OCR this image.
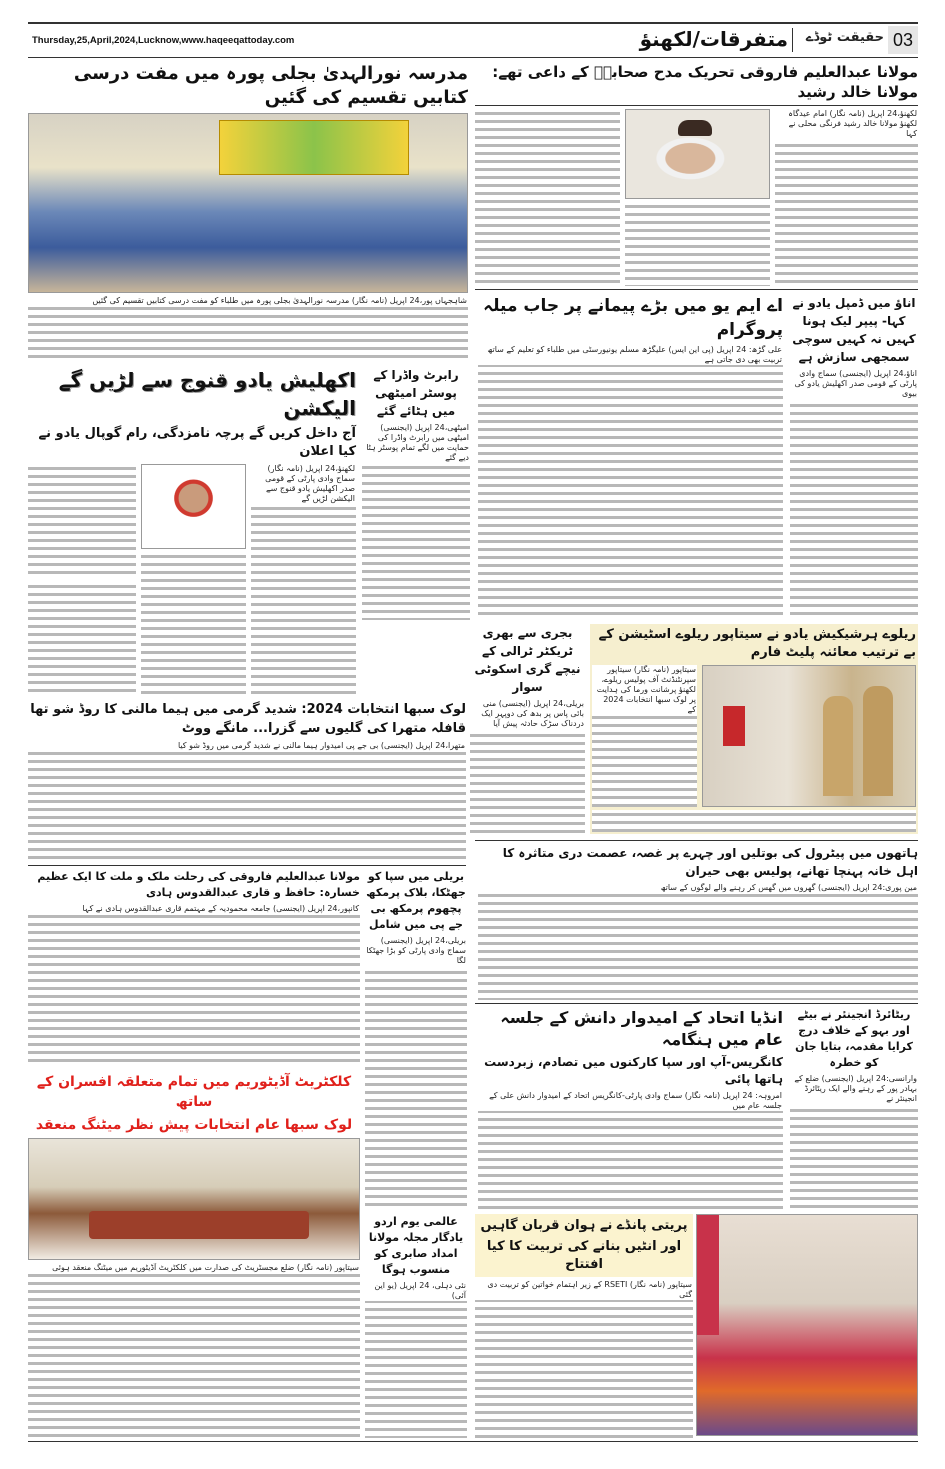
Thursday,25,April,2024,Lucknow,www.haqeeqattoday.com	03
حقیقت ٹوڈے
متفرقات/لکھنؤ
مدرسہ نورالہدیٰ بجلی پورہ میں مفت درسی کتابیں تقسیم کی گئیں
شاہجہاں پور،24 اپریل (نامہ نگار) مدرسہ نورالہدیٰ بجلی پورہ میں طلباء کو مفت درسی کتابیں تقسیم کی گئیں
مولانا عبدالعلیم فاروقی تحریک مدح صحابہؓ کے داعی تھے: مولانا خالد رشید
لکھنؤ،24 اپریل (نامہ نگار) امام عیدگاہ لکھنؤ مولانا خالد رشید فرنگی محلی نے کہا
اے ایم یو میں بڑے پیمانے پر جاب میلہ پروگرام
علی گڑھ: 24 اپریل (پی این ایس) علیگڑھ مسلم یونیورسٹی میں طلباء کو تعلیم کے ساتھ تربیت بھی دی جاتی ہے
اناؤ میں ڈمپل یادو نے کہا- پیپر لیک ہونا کہیں نہ کہیں سوچی سمجھی سازش ہے
اناؤ،24 اپریل (ایجنسی) سماج وادی پارٹی کے قومی صدر اکھلیش یادو کی بیوی
رابرٹ واڈرا کے پوسٹر امیٹھی میں ہٹائے گئے
امیٹھی،24 اپریل (ایجنسی) امیٹھی میں رابرٹ واڈرا کی حمایت میں لگے تمام پوسٹر ہٹا دیے گئے
اکھلیش یادو قنوج سے لڑیں گے الیکشن
آج داخل کریں گے پرچہ نامزدگی، رام گوپال یادو نے کیا اعلان
لکھنؤ،24 اپریل (نامہ نگار) سماج وادی پارٹی کے قومی صدر اکھلیش یادو قنوج سے الیکشن لڑیں گے
بجری سے بھری ٹریکٹر ٹرالی کے نیچے گری اسکوٹی سوار
بریلی،24 اپریل (ایجنسی) منی بائی پاس پر بدھ کی دوپہر ایک دردناک سڑک حادثہ پیش آیا
ریلوے ہرشیکیش یادو نے سیتاپور ریلوے اسٹیشن کے بے ترتیب معائنہ پلیٹ فارم
سیتاپور (نامہ نگار) سیتاپور سپرنٹنڈنٹ آف پولیس ریلوے، لکھنؤ پرشانت ورما کی ہدایت پر لوک سبھا انتخابات 2024 کے
لوک سبھا انتخابات 2024: شدید گرمی میں ہیما مالنی کا روڈ شو تھا قافلہ متھرا کی گلیوں سے گزرا... مانگے ووٹ
متھرا،24 اپریل (ایجنسی) بی جے پی امیدوار ہیما مالنی نے شدید گرمی میں روڈ شو کیا
ہاتھوں میں پیٹرول کی بوتلیں اور چہرے پر غصہ، عصمت دری متاثرہ کا اہل خانہ پہنچا تھانے، پولیس بھی حیران
مین پوری:24 اپریل (ایجنسی) گھروں میں گھس کر رہنے والے لوگوں کے ساتھ
مولانا عبدالعلیم فاروقی کی رحلت ملک و ملت کا ایک عظیم خسارہ: حافظ و قاری عبدالقدوس ہادی
کانپور،24 اپریل (ایجنسی) جامعہ محمودیہ کے مہتمم قاری عبدالقدوس ہادی نے کہا
بریلی میں سپا کو جھٹکا، بلاک پرمکھ پچھوم پرمکھ بی جے پی میں شامل
بریلی،24 اپریل (ایجنسی) سماج وادی پارٹی کو بڑا جھٹکا لگا
انڈیا اتحاد کے امیدوار دانش کے جلسہ عام میں ہنگامہ
کانگریس-آپ اور سپا کارکنوں میں تصادم، زبردست ہاتھا پائی
امروہہ: 24 اپریل (نامہ نگار) سماج وادی پارٹی-کانگریس اتحاد کے امیدوار دانش علی کے جلسہ عام میں
ریٹائرڈ انجینئر نے بیٹے اور بہو کے خلاف درج کرایا مقدمہ، بتایا جان کو خطرہ
وارانسی:24 اپریل (ایجنسی) ضلع کے بہادر پور کے رہنے والے ایک ریٹائرڈ انجینئر نے
کلکٹریٹ آڈیٹوریم میں تمام متعلقہ افسران کے ساتھ
لوک سبھا عام انتخابات پیش نظر میٹنگ منعقد
سیتاپور (نامہ نگار) ضلع مجسٹریٹ کی صدارت میں کلکٹریٹ آڈیٹوریم میں میٹنگ منعقد ہوئی
عالمی یوم اردو یادگار مجلہ مولانا امداد صابری کو منسوب ہوگا
نئی دہلی، 24 اپریل (یو این آئی)
پریتی پانڈے نے ہوان قربان گاہیں
اور انٹیں بنانے کی تربیت کا کیا افتتاح
سیتاپور (نامہ نگار) RSETI کے زیر اہتمام خواتین کو تربیت دی گئی
